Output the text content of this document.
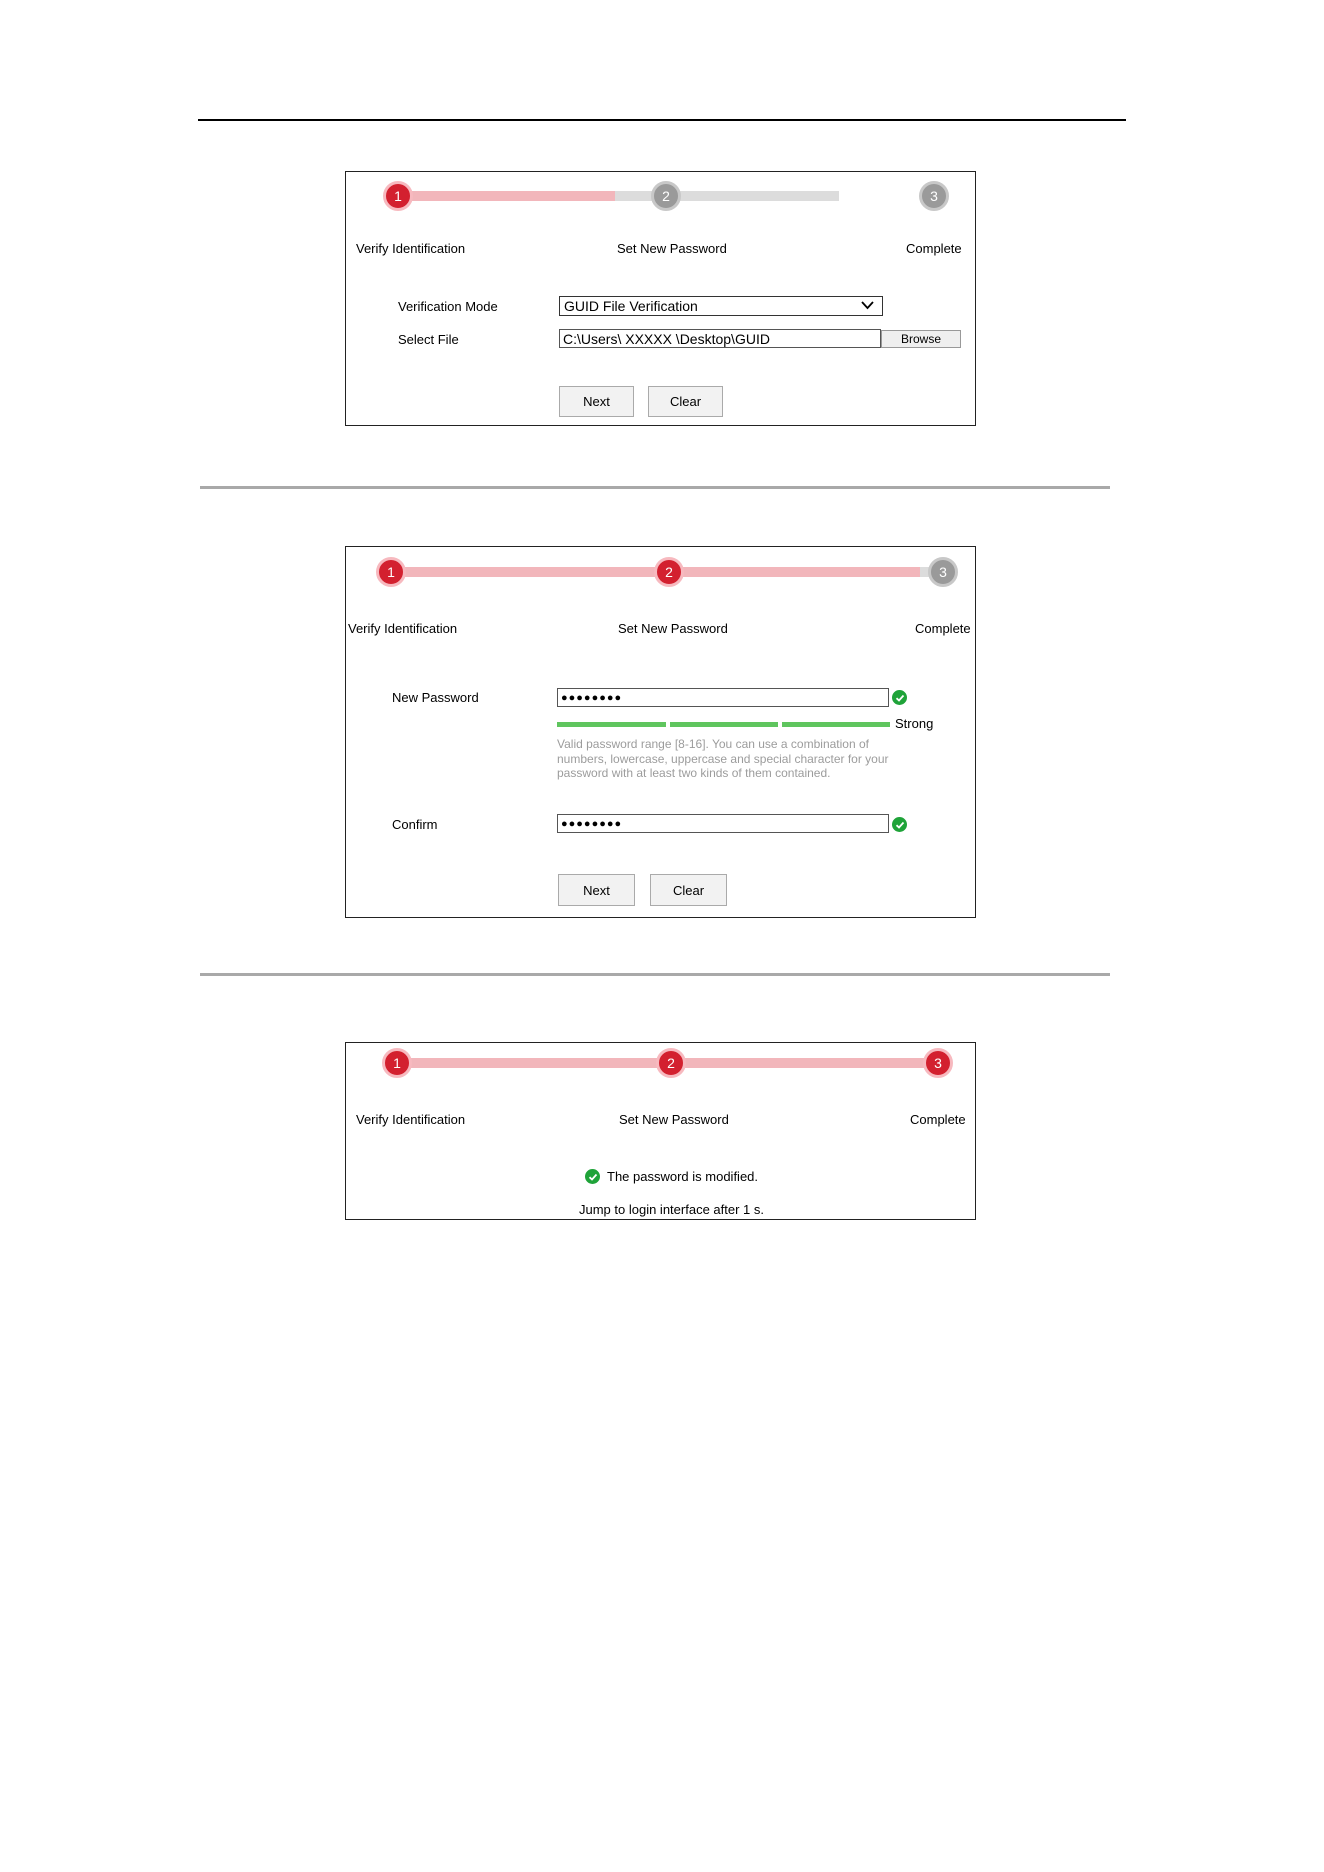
1	2	3
Verify Identification	Set New Password	Complete
Verification Mode	GUID File Verification
Select File	C:\Users\ XXXXX \Desktop\GUID	Browse
Next	Clear
1	2	3
Verify Identification	Set New Password	Complete
New Password	●●●●●●●●
Strong
Valid password range [8-16]. You can use a combination of numbers, lowercase, uppercase and special character for your password with at least two kinds of them contained.
Confirm	●●●●●●●●
Next	Clear
1	2	3
Verify Identification	Set New Password	Complete
The password is modified.
Jump to login interface after 1 s.
